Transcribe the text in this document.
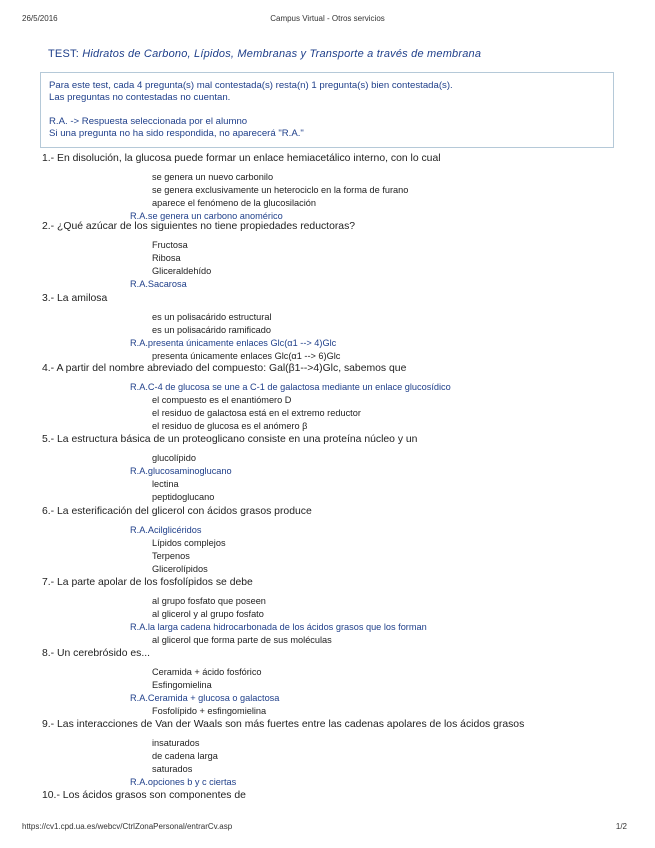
26/5/2016	Campus Virtual - Otros servicios
TEST: Hidratos de Carbono, Lípidos, Membranas y Transporte a través de membrana
Para este test, cada 4 pregunta(s) mal contestada(s) resta(n) 1 pregunta(s) bien contestada(s).
Las preguntas no contestadas no cuentan.
R.A. -> Respuesta seleccionada por el alumno
Si una pregunta no ha sido respondida, no aparecerá "R.A."
1.- En disolución, la glucosa puede formar un enlace hemiacetálico interno, con lo cual
se genera un nuevo carbonilo
se genera exclusivamente un heterociclo en la forma de furano
aparece el fenómeno de la glucosilación
R.A.se genera un carbono anomérico
2.- ¿Qué azúcar de los siguientes no tiene propiedades reductoras?
Fructosa
Ribosa
Gliceraldehído
R.A.Sacarosa
3.- La amilosa
es un polisacárido estructural
es un polisacárido ramificado
R.A.presenta únicamente enlaces Glc(α1 --> 4)Glc
presenta únicamente enlaces Glc(α1 --> 6)Glc
4.- A partir del nombre abreviado del compuesto: Gal(β1-->4)Glc, sabemos que
R.A.C-4 de glucosa se une a C-1 de galactosa mediante un enlace glucosídico
el compuesto es el enantiómero D
el residuo de galactosa está en el extremo reductor
el residuo de glucosa es el anómero β
5.- La estructura básica de un proteoglicano consiste en una proteína núcleo y un
glucolípido
R.A.glucosaminoglucano
lectina
peptidoglucano
6.- La esterificación del glicerol con ácidos grasos produce
R.A.Acilglicéridos
Lípidos complejos
Terpenos
Glicerolípidos
7.- La parte apolar de los fosfolípidos se debe
al grupo fosfato que poseen
al glicerol y al grupo fosfato
R.A.la larga cadena hidrocarbonada de los ácidos grasos que los forman
al glicerol que forma parte de sus moléculas
8.- Un cerebrósido es...
Ceramida + ácido fosfórico
Esfingomielina
R.A.Ceramida + glucosa o galactosa
Fosfolípido + esfingomielina
9.- Las interacciones de Van der Waals son más fuertes entre las cadenas apolares de los ácidos grasos
insaturados
de cadena larga
saturados
R.A.opciones b y c ciertas
10.- Los ácidos grasos son componentes de
https://cv1.cpd.ua.es/webcv/CtrlZonaPersonal/entrarCv.asp	1/2
